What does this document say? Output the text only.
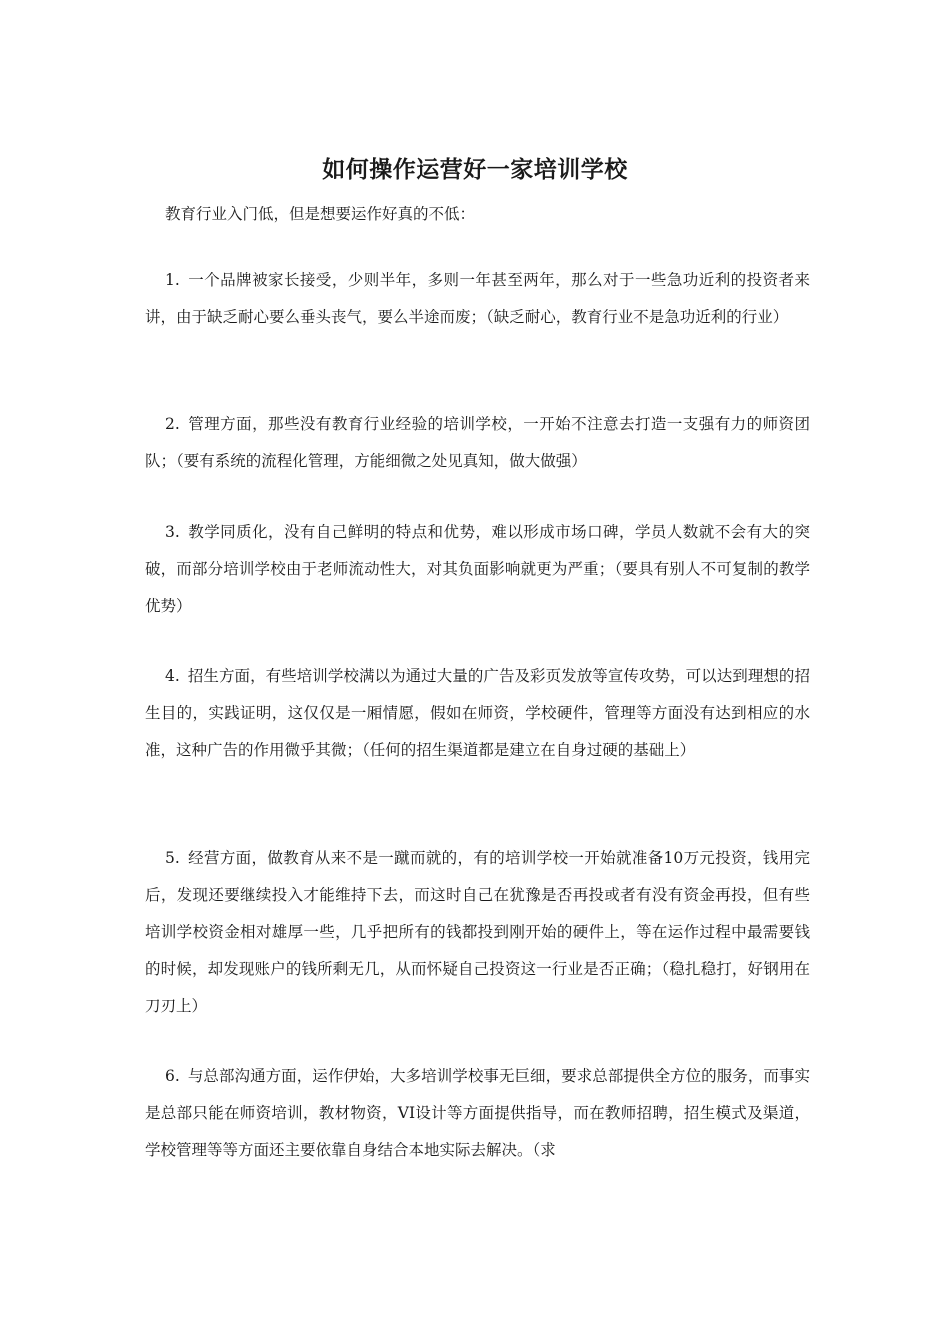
如何操作运营好一家培训学校

教育行业入门低，但是想要运作好真的不低：

1. 一个品牌被家长接受，少则半年，多则一年甚至两年，那么对于一些急功近利的投资者来讲，由于缺乏耐心要么垂头丧气，要么半途而废；（缺乏耐心，教育行业不是急功近利的行业）

2. 管理方面，那些没有教育行业经验的培训学校，一开始不注意去打造一支强有力的师资团队；（要有系统的流程化管理，方能细微之处见真知，做大做强）

3. 教学同质化，没有自己鲜明的特点和优势，难以形成市场口碑，学员人数就不会有大的突破，而部分培训学校由于老师流动性大，对其负面影响就更为严重；（要具有别人不可复制的教学优势）

4. 招生方面，有些培训学校满以为通过大量的广告及彩页发放等宣传攻势，可以达到理想的招生目的，实践证明，这仅仅是一厢情愿，假如在师资，学校硬件，管理等方面没有达到相应的水准，这种广告的作用微乎其微；（任何的招生渠道都是建立在自身过硬的基础上）

5. 经营方面，做教育从来不是一蹴而就的，有的培训学校一开始就准备10万元投资，钱用完后，发现还要继续投入才能维持下去，而这时自己在犹豫是否再投或者有没有资金再投，但有些培训学校资金相对雄厚一些，几乎把所有的钱都投到刚开始的硬件上，等在运作过程中最需要钱的时候，却发现账户的钱所剩无几，从而怀疑自己投资这一行业是否正确；（稳扎稳打，好钢用在刀刃上）

6. 与总部沟通方面，运作伊始，大多培训学校事无巨细，要求总部提供全方位的服务，而事实是总部只能在师资培训，教材物资，VI设计等方面提供指导，而在教师招聘，招生模式及渠道，学校管理等等方面还主要依靠自身结合本地实际去解决。（求
